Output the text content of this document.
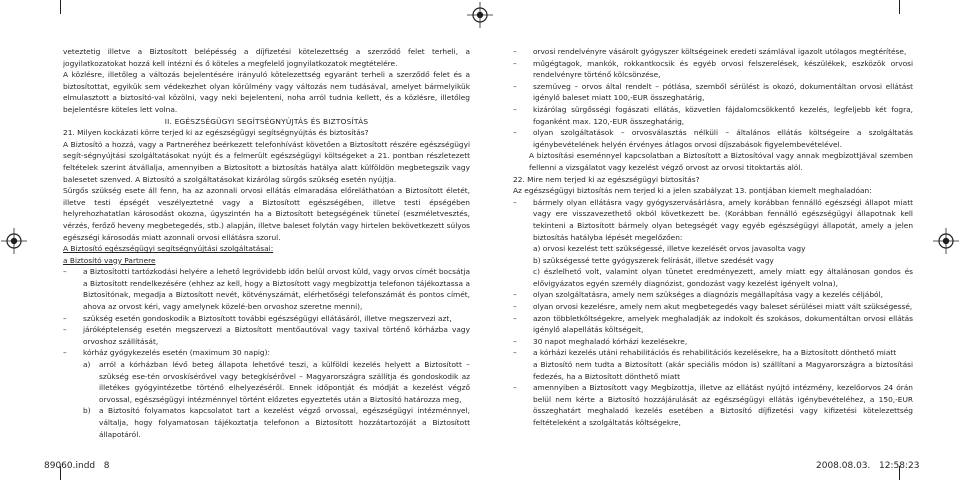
veteztetig illetve a Biztosított belépésség a díjfizetési kötelezettség a szerződő felet terheli, a jogyilatkozatokat hozzá kell intézni és ő köteles a megfelelő jognyilatkozatok megtételére.

A közlésre, illetőleg a változás bejelentésére irányuló kötelezettség egyaránt terheli a szerződő felet és a biztosítottat, egyikük sem védekezhet olyan körülmény vagy változás nem tudásával, amelyet bármelyikük elmulasztott a biztosító-val közölni, vagy neki bejelenteni, noha arról tudnia kellett, és a közlésre, illetőleg bejelentésre köteles lett volna.

II. EGÉSZSÉGÜGYI SEGÍTSÉGNYÚJTÁS ÉS BIZTOSÍTÁS

21. Milyen kockázati körre terjed ki az egészségügyi segítségnyújtás és biztosítás?

A Biztosító a hozzá, vagy a Partneréhez beérkezett telefonhívást követően a Biztosított részére egészségügyi segít-ségnyújtási szolgáltatásokat nyújt és a felmerült egészségügyi költségeket a 21. pontban részletezett feltételek szerint átvállalja, amennyiben a Biztosított a biztosítás hatálya alatt külföldön megbetegszik vagy balesetet szenved. A Biztosító a szolgáltatásokat kizárólag sürgős szükség esetén nyújtja.

Sürgős szükség esete áll fenn, ha az azonnali orvosi ellátás elmaradása előreláthatóan a Biztosított életét, illetve testi épségét veszélyeztetné vagy a Biztosított egészségében, illetve testi épségében helyrehozhatatlan károsodást okozna, úgyszintén ha a Biztosított betegségének tüneteí (eszméletvesztés, vérzés, ferőző heveny megbetegedés, stb.) alapján, illetve baleset folytán vagy hirtelen bekövetkezett súlyos egészségi károsodás miatt azonnali orvosi ellátásra szorul.

A Biztosító egészségügyi segítségnyújtási szolgáltatásai:

a Biztosító vagy Partnere

–	a Biztosítotti tartózkodási helyére a lehető legrövidebb időn belül orvost küld, vagy orvos címét bocsátja a Biztosított rendelkezésére (ehhez az kell, hogy a Biztosított vagy megbízottja telefonon tájékoztassa a Biztosítónak, megadja a Biztosított nevét, kötvényszámát, elérhetőségi telefonszámát és pontos címét, ahova az orvost kéri, vagy amelynek közelé-ben orvoshoz szeretne menni),
–	szükség esetén gondoskodik a Biztosított további egészségügyi ellátásáról, illetve megszervezi azt,
–	járóképtelenség esetén megszervezi a Biztosított mentőautóval vagy taxival történő kórházba vagy orvoshoz szállítását,
–	kórház gyógykezelés esetén (maximum 30 napig):
a)	arról a kórházban lévő beteg állapota lehetővé teszi, a külföldi kezelés helyett a Biztosított – szükség ese-tén orvoskísérővel vagy betegkísérővel – Magyarországra szállítja és gondoskodik az illetékes gyógyintézetbe történő elhelyezéséről. Ennek időpontját és módját a kezelést végző orvossal, egészségügyi intézménnyel történt előzetes egyeztetés után a Biztosító határozza meg,
b)	a Biztosító folyamatos kapcsolatot tart a kezelést végző orvossal, egészségügyi intézménnyel, váltalja, hogy folyamatosan tájékoztatja telefonon a Biztosított hozzátartozóját a Biztosított állapotáról.
–	orvosi rendelvényre vásárolt gyógyszer költségeinek eredeti számlával igazolt utólagos megtérítése,
–	műgégtagok, mankók, rokkantkocsik és egyéb orvosi felszerelések, készülékek, eszközök orvosi rendelvényre történő kölcsönzése,
–	szemüveg – orvos által rendelt – pótlása, szemből sérülést is okozó, dokumentáltan orvosi ellátást igénylő baleset miatt 100,-EUR összeghatárig,
–	kizárólag sürgősségi fogászati ellátás, közvetlen fájdalomcsökkentő kezelés, legfeljebb két fogra, foganként max. 120,-EUR összeghatárig,
–	olyan szolgáltatások – orvosválasztás nélküli – általános ellátás költségeire a szolgáltatás igénybevételének helyén érvényes átlagos orvosi díjszabások figyelembevételével.

A biztosítási eseménnyel kapcsolatban a Biztosított a Biztosítóval vagy annak megbízottjával szemben fellenni a vizsgálatot vagy kezelést végző orvost az orvosi titoktartás alól.

22. Mire nem terjed ki az egészségügyi biztosítás?

Az egészségügyi biztosítás nem terjed ki a jelen szabályzat 13. pontjában kiemelt meghaladóan:

–	bármely olyan ellátásra vagy gyógyszervásárlásra, amely korábban fennálló egészségi állapot miatt vagy ere visszavezethető okból következett be. (Korábban fennálló egészségügyi állapotnak kell tekinteni a Biztosított bármely olyan betegségét vagy egyéb egészségügyi állapotát, amely a jelen biztosítás hatályba lépését megelőzően:

a) orvosi kezelést tett szükségessé, illetve kezelését orvos javasolta vagy

b) szükségessé tette gyógyszerek felírását, illetve szedését vagy

c) észlelhető volt, valamint olyan tünetet eredményezett, amely miatt egy általánosan gondos és elővigyázatos egyén személy diagnózist, gondozást vagy kezelést igényelt volna),

–	olyan szolgáltatásra, amely nem szükséges a diagnózis megállapítása vagy a kezelés céljából,
–	olyan orvosi kezelésre, amely nem akut megbetegedés vagy baleset sérülései miatt vált szükségessé,
–	azon többletköltségekre, amelyek meghaladják az indokolt és szokásos, dokumentáltan orvosi ellátás igénylő alapellátás költségeit,
–	30 napot meghaladó kórházi kezelésekre,
–	a kórházi kezelés utáni rehabilitációs és rehabilitációs kezelésekre, ha a Biztosított dönthető miatt

a Biztosító nem tudta a Biztosított (akár speciális módon is) szállítani a Magyarországra a biztosítási fedezés, ha a Biztosított dönthető miatt

–	amennyiben a Biztosított vagy Megbízottja, illetve az ellátást nyújtó intézmény, kezelőorvos 24 órán belül nem kérte a Biztosító hozzájárulását az egészségügyi ellátás igénybevételéhez, a 150,-EUR összeghatárt meghaladó kezelés esetében a Biztosító díjfizetési vagy kifizetési kötelezettség feltételeként a szolgáltatás költségekre,
89060.indd 8	2008.08.03. 12:58:23
